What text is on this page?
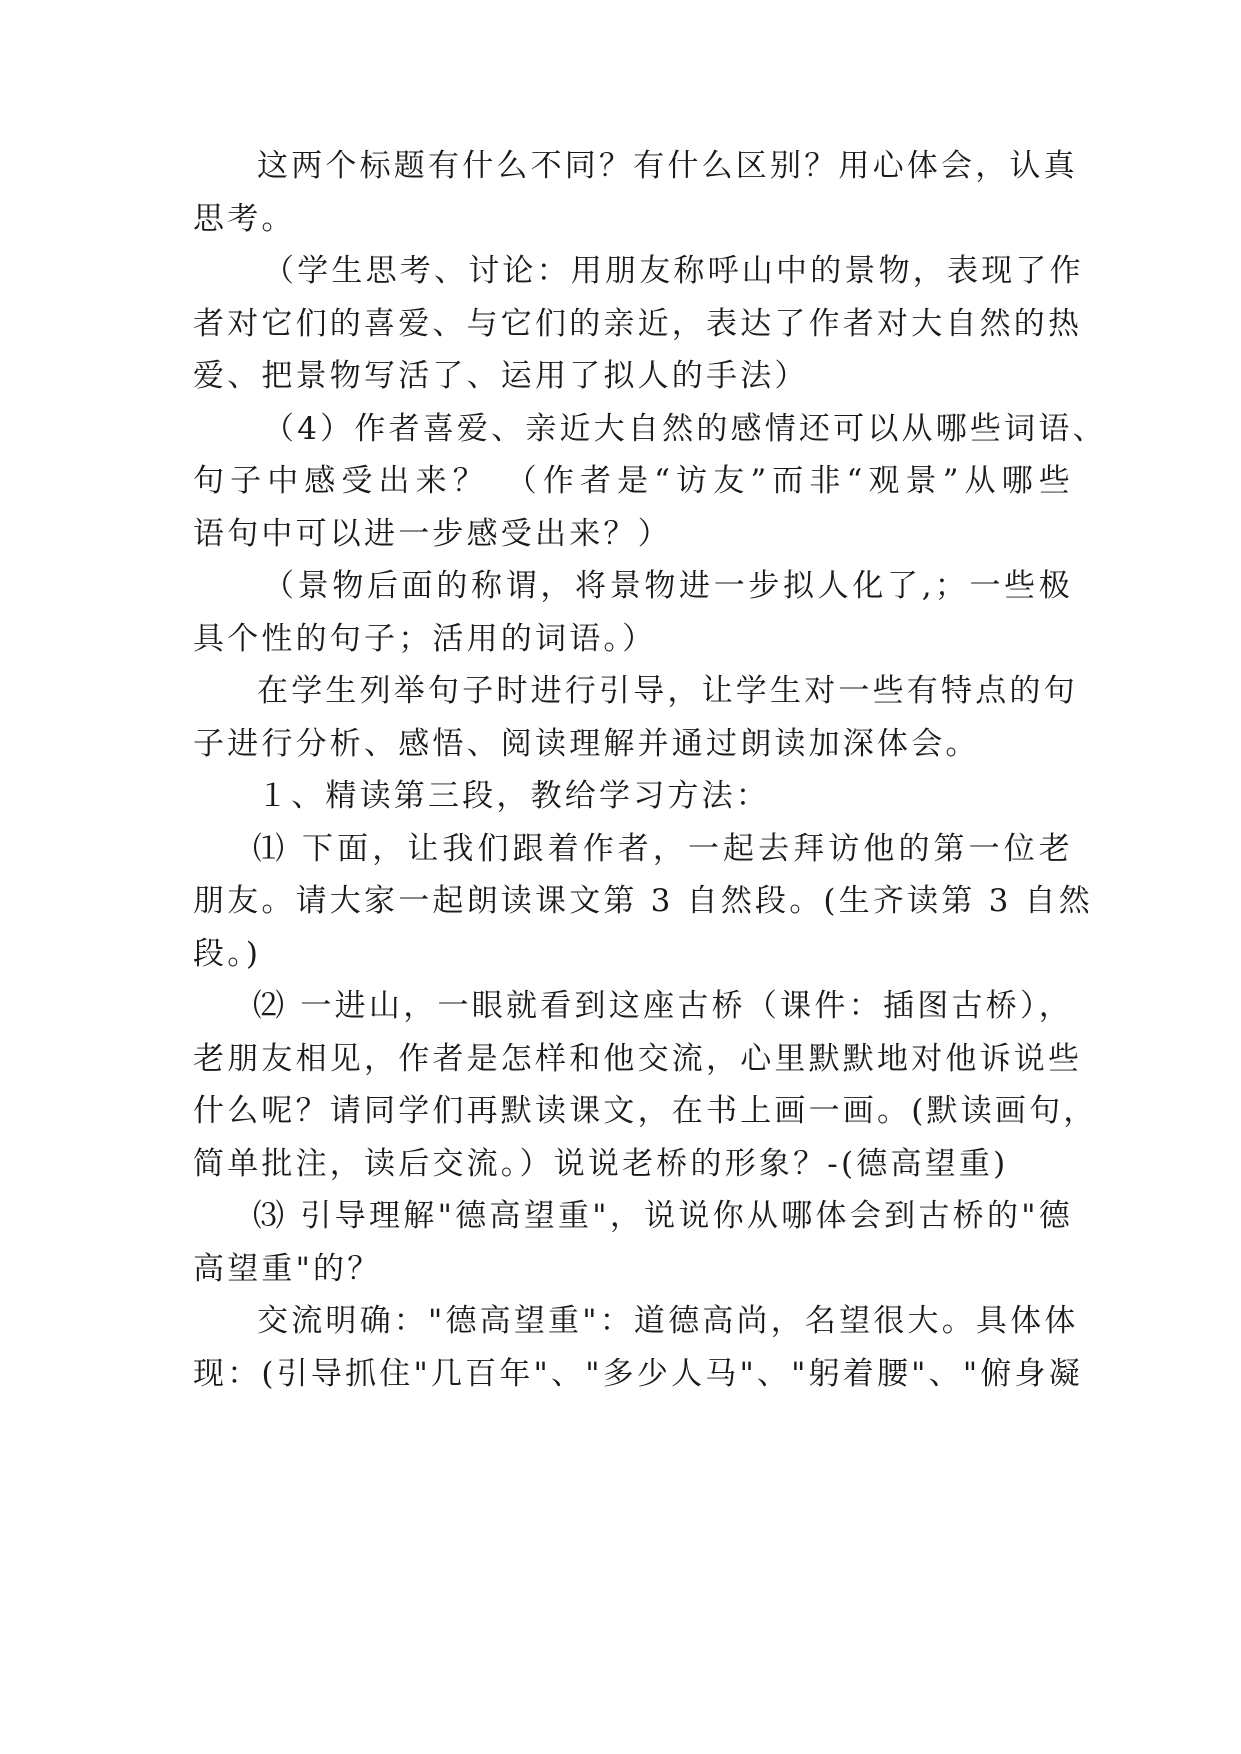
这两个标题有什么不同？有什么区别？用心体会，认真
思考。
（学生思考、讨论：用朋友称呼山中的景物，表现了作
者对它们的喜爱、与它们的亲近，表达了作者对大自然的热
爱、把景物写活了、运用了拟人的手法）
（4）作者喜爱、亲近大自然的感情还可以从哪些词语、
句子中感受出来？ （作者是“访友”而非“观景”从哪些
语句中可以进一步感受出来？）
（景物后面的称谓，将景物进一步拟人化了,；一些极
具个性的句子；活用的词语。）
在学生列举句子时进行引导，让学生对一些有特点的句
子进行分析、感悟、阅读理解并通过朗读加深体会。
１、精读第三段，教给学习方法：
⑴ 下面，让我们跟着作者，一起去拜访他的第一位老
朋友。请大家一起朗读课文第 3 自然段。(生齐读第 3 自然
段。)
⑵ 一进山，一眼就看到这座古桥（课件：插图古桥），
老朋友相见，作者是怎样和他交流，心里默默地对他诉说些
什么呢？请同学们再默读课文，在书上画一画。(默读画句，
简单批注，读后交流。）说说老桥的形象？-(德高望重)
⑶ 引导理解"德高望重"，说说你从哪体会到古桥的"德
高望重"的？
交流明确："德高望重"：道德高尚，名望很大。具体体
现：(引导抓住"几百年"、"多少人马"、"躬着腰"、"俯身凝
